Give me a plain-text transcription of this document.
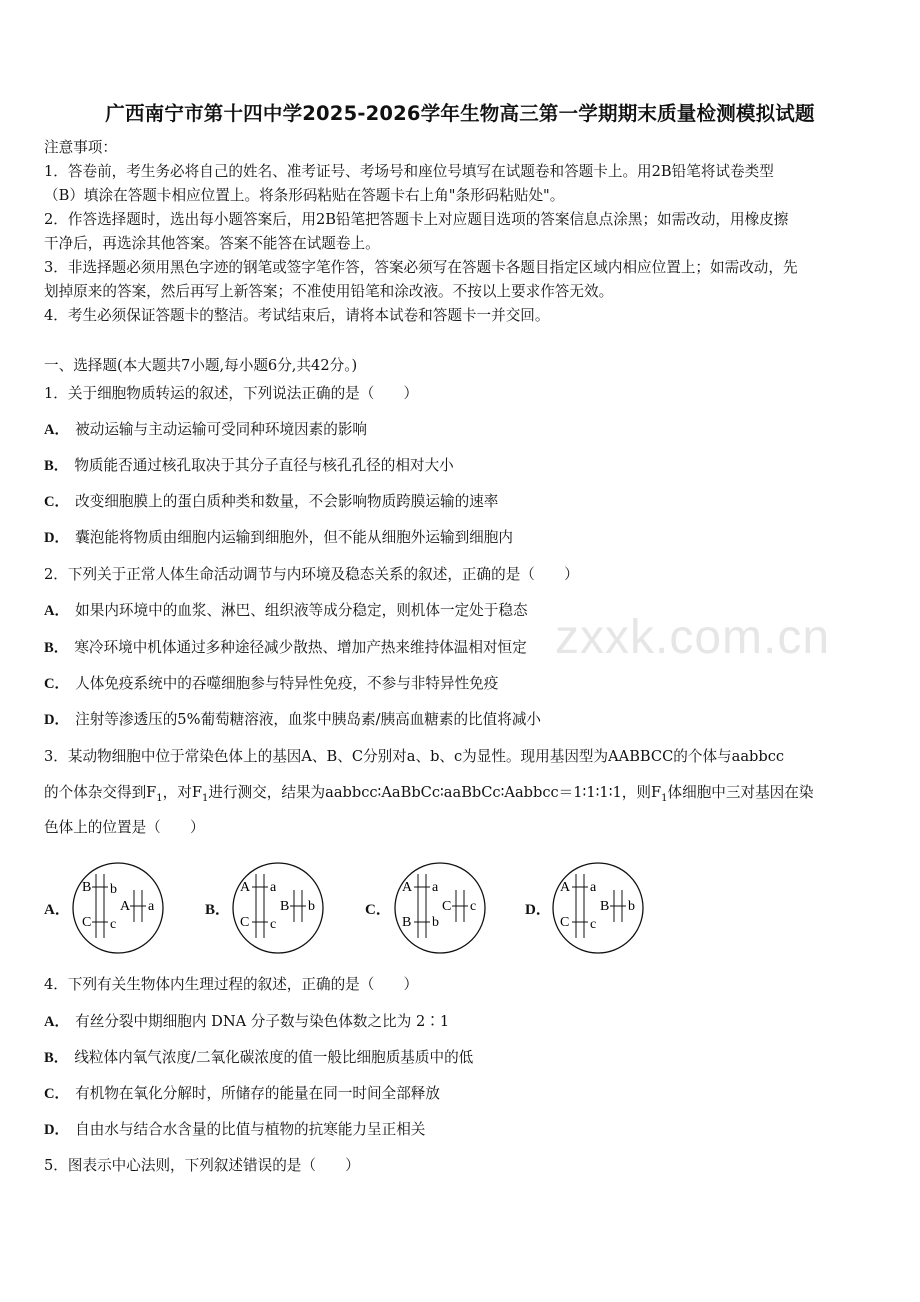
广西南宁市第十四中学2025-2026学年生物高三第一学期期末质量检测模拟试题
注意事项：
1．答卷前，考生务必将自己的姓名、准考证号、考场号和座位号填写在试题卷和答题卡上。用2B铅笔将试卷类型
（B）填涂在答题卡相应位置上。将条形码粘贴在答题卡右上角"条形码粘贴处"。
2．作答选择题时，选出每小题答案后，用2B铅笔把答题卡上对应题目选项的答案信息点涂黑；如需改动，用橡皮擦
干净后，再选涂其他答案。答案不能答在试题卷上。
3．非选择题必须用黑色字迹的钢笔或签字笔作答，答案必须写在答题卡各题目指定区域内相应位置上；如需改动，先
划掉原来的答案，然后再写上新答案；不准使用铅笔和涂改液。不按以上要求作答无效。
4．考生必须保证答题卡的整洁。考试结束后，请将本试卷和答题卡一并交回。
一、选择题(本大题共7小题,每小题6分,共42分。)
1．关于细胞物质转运的叙述，下列说法正确的是（　　）
A． 被动运输与主动运输可受同种环境因素的影响
B． 物质能否通过核孔取决于其分子直径与核孔孔径的相对大小
C． 改变细胞膜上的蛋白质种类和数量，不会影响物质跨膜运输的速率
D． 囊泡能将物质由细胞内运输到细胞外，但不能从细胞外运输到细胞内
2．下列关于正常人体生命活动调节与内环境及稳态关系的叙述，正确的是（　　）
A． 如果内环境中的血浆、淋巴、组织液等成分稳定，则机体一定处于稳态
B． 寒冷环境中机体通过多种途径减少散热、增加产热来维持体温相对恒定
C． 人体免疫系统中的吞噬细胞参与特异性免疫，不参与非特异性免疫
D． 注射等渗透压的5%葡萄糖溶液，血浆中胰岛素/胰高血糖素的比值将减小
zxxk.com.cn
3．某动物细胞中位于常染色体上的基因A、B、C分别对a、b、c为显性。现用基因型为AABBCC的个体与aabbcc
的个体杂交得到$F_1$，对$F_1$进行测交，结果为aabbcc∶AaBbCc∶aaBbCc∶Aabbcc＝1∶1∶1∶1，则$F_1$体细胞中三对基因在染
色体上的位置是（　　）
A．
B b
C c
A a	B．
A a
C c
B b	C．
A a
B b
C c	D．
A a
C c
B b
4．下列有关生物体内生理过程的叙述，正确的是（　　）
A． 有丝分裂中期细胞内 DNA 分子数与染色体数之比为 2∶1
B． 线粒体内氧气浓度/二氧化碳浓度的值一般比细胞质基质中的低
C． 有机物在氧化分解时，所储存的能量在同一时间全部释放
D． 自由水与结合水含量的比值与植物的抗寒能力呈正相关
5．图表示中心法则，下列叙述错误的是（　　）
